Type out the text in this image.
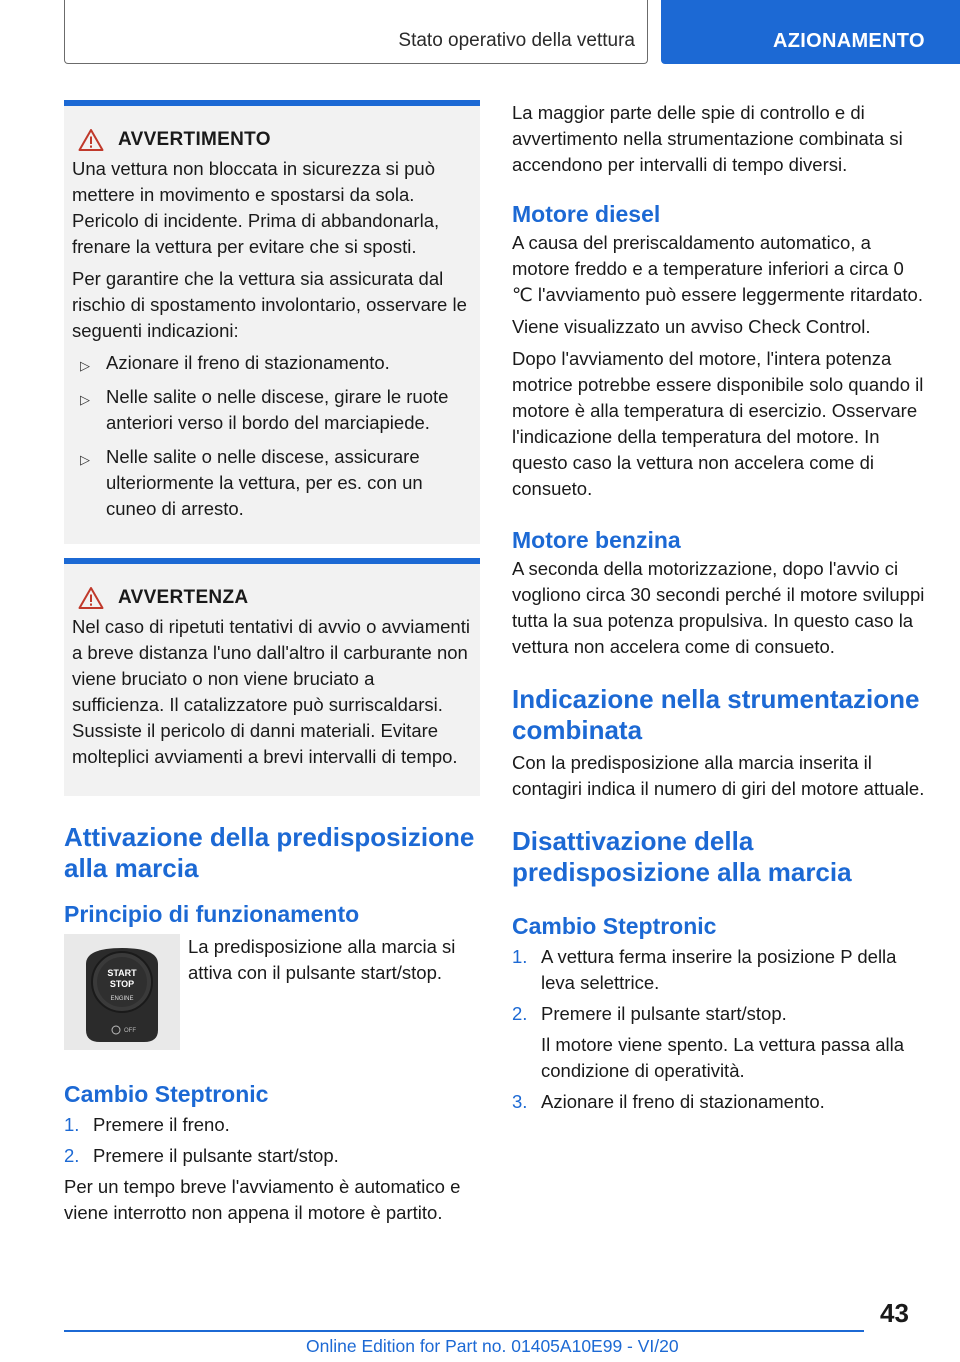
Stato operativo della vettura	AZIONAMENTO
AVVERTIMENTO

Una vettura non bloccata in sicurezza si può mettere in movimento e spostarsi da sola. Pericolo di incidente. Prima di abbandonarla, frenare la vettura per evitare che si sposti.

Per garantire che la vettura sia assicurata dal rischio di spostamento involontario, osservare le seguenti indicazioni:

▷ Azionare il freno di stazionamento.
▷ Nelle salite o nelle discese, girare le ruote anteriori verso il bordo del marciapiede.
▷ Nelle salite o nelle discese, assicurare ulteriormente la vettura, per es. con un cuneo di arresto.
AVVERTENZA

Nel caso di ripetuti tentativi di avvio o avviamenti a breve distanza l'uno dall'altro il carburante non viene bruciato o non viene bruciato a sufficienza. Il catalizzatore può surriscaldarsi. Sussiste il pericolo di danni materiali. Evitare molteplici avviamenti a brevi intervalli di tempo.

Attivazione della predisposizione alla marcia
Principio di funzionamento
START
STOP
ENGINE
OFF

La predisposizione alla marcia si attiva con il pulsante start/stop.

Cambio Steptronic
1. Premere il freno.
2. Premere il pulsante start/stop.

Per un tempo breve l'avviamento è automatico e viene interrotto non appena il motore è partito.

La maggior parte delle spie di controllo e di avvertimento nella strumentazione combinata si accendono per intervalli di tempo diversi.

Motore diesel

A causa del preriscaldamento automatico, a motore freddo e a temperature inferiori a circa 0 ℃ l'avviamento può essere leggermente ritardato.

Viene visualizzato un avviso Check Control.

Dopo l'avviamento del motore, l'intera potenza motrice potrebbe essere disponibile solo quando il motore è alla temperatura di esercizio. Osservare l'indicazione della temperatura del motore. In questo caso la vettura non accelera come di consueto.

Motore benzina

A seconda della motorizzazione, dopo l'avvio ci vogliono circa 30 secondi perché il motore sviluppi tutta la sua potenza propulsiva. In questo caso la vettura non accelera come di consueto.

Indicazione nella strumentazione combinata

Con la predisposizione alla marcia inserita il contagiri indica il numero di giri del motore attuale.

Disattivazione della predisposizione alla marcia
Cambio Steptronic
1. A vettura ferma inserire la posizione P della leva selettrice.
2. Premere il pulsante start/stop.
Il motore viene spento. La vettura passa alla condizione di operatività.
3. Azionare il freno di stazionamento.
43
Online Edition for Part no. 01405A10E99 - VI/20
